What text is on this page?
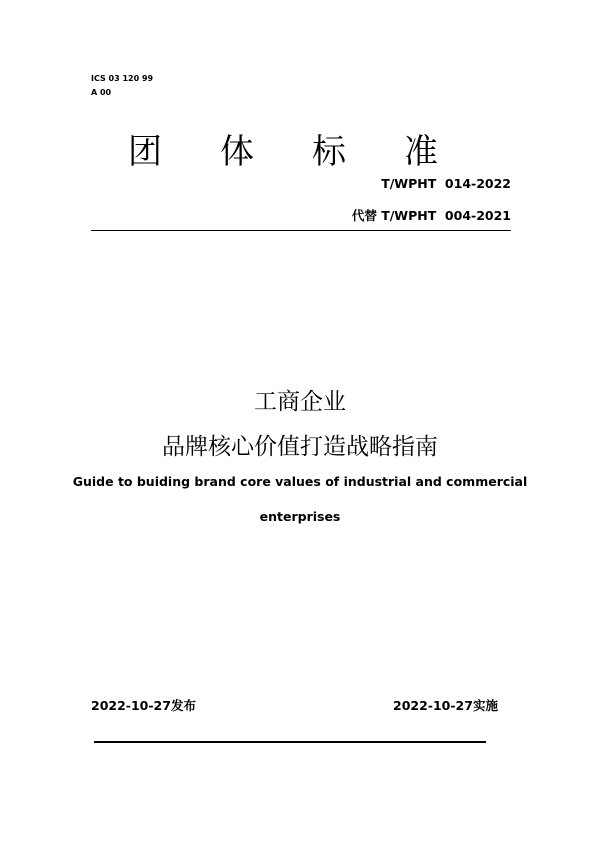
ICS 03 120 99
A 00
团 体 标 准
T/WPHT  014-2022
代替 T/WPHT  004-2021
工商企业
品牌核心价值打造战略指南
Guide to buiding brand core values of industrial and commercial
enterprises
2022-10-27发布	2022-10-27实施
